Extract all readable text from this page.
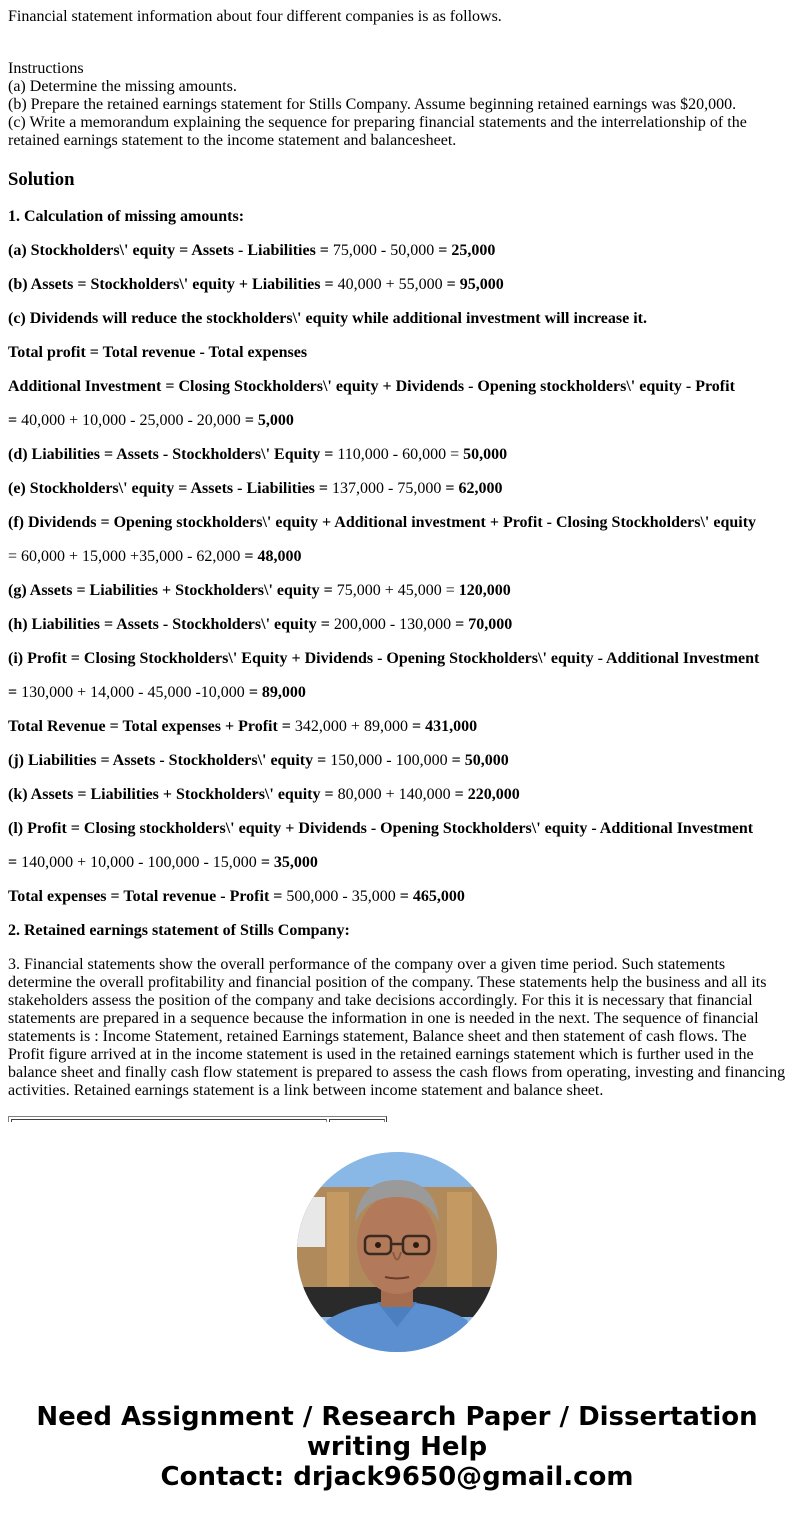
Financial statement information about four different companies is as follows.
Instructions
(a) Determine the missing amounts.
(b) Prepare the retained earnings statement for Stills Company. Assume beginning retained earnings was $20,000.
(c) Write a memorandum explaining the sequence for preparing financial statements and the interrelationship of the retained earnings statement to the income statement and balancesheet.
Solution
1. Calculation of missing amounts:
(a) Stockholders\' equity = Assets - Liabilities = 75,000 - 50,000 = 25,000
(b) Assets = Stockholders\' equity + Liabilities = 40,000 + 55,000 = 95,000
(c) Dividends will reduce the stockholders\' equity while additional investment will increase it.
Total profit = Total revenue - Total expenses
Additional Investment = Closing Stockholders\' equity + Dividends - Opening stockholders\' equity - Profit
= 40,000 + 10,000 - 25,000 - 20,000 = 5,000
(d) Liabilities = Assets - Stockholders\' Equity = 110,000 - 60,000 = 50,000
(e) Stockholders\' equity = Assets - Liabilities = 137,000 - 75,000 = 62,000
(f) Dividends = Opening stockholders\' equity + Additional investment + Profit - Closing Stockholders\' equity
= 60,000 + 15,000 +35,000 - 62,000 = 48,000
(g) Assets = Liabilities + Stockholders\' equity = 75,000 + 45,000 = 120,000
(h) Liabilities = Assets - Stockholders\' equity = 200,000 - 130,000 = 70,000
(i) Profit = Closing Stockholders\' Equity + Dividends - Opening Stockholders\' equity - Additional Investment
= 130,000 + 14,000 - 45,000 -10,000 = 89,000
Total Revenue = Total expenses + Profit = 342,000 + 89,000 = 431,000
(j) Liabilities = Assets - Stockholders\' equity = 150,000 - 100,000 = 50,000
(k) Assets = Liabilities + Stockholders\' equity = 80,000 + 140,000 = 220,000
(l) Profit = Closing stockholders\' equity + Dividends - Opening Stockholders\' equity - Additional Investment
= 140,000 + 10,000 - 100,000 - 15,000 = 35,000
Total expenses = Total revenue - Profit = 500,000 - 35,000 = 465,000
2. Retained earnings statement of Stills Company:
3. Financial statements show the overall performance of the company over a given time period. Such statements determine the overall profitability and financial position of the company. These statements help the business and all its stakeholders assess the position of the company and take decisions accordingly. For this it is necessary that financial statements are prepared in a sequence because the information in one is needed in the next. The sequence of financial statements is : Income Statement, retained Earnings statement, Balance sheet and then statement of cash flows. The Profit figure arrived at in the income statement is used in the retained earnings statement which is further used in the balance sheet and finally cash flow statement is prepared to assess the cash flows from operating, investing and financing activities. Retained earnings statement is a link between income statement and balance sheet.
Need Assignment / Research Paper / Dissertation writing Help
Contact: drjack9650@gmail.com
